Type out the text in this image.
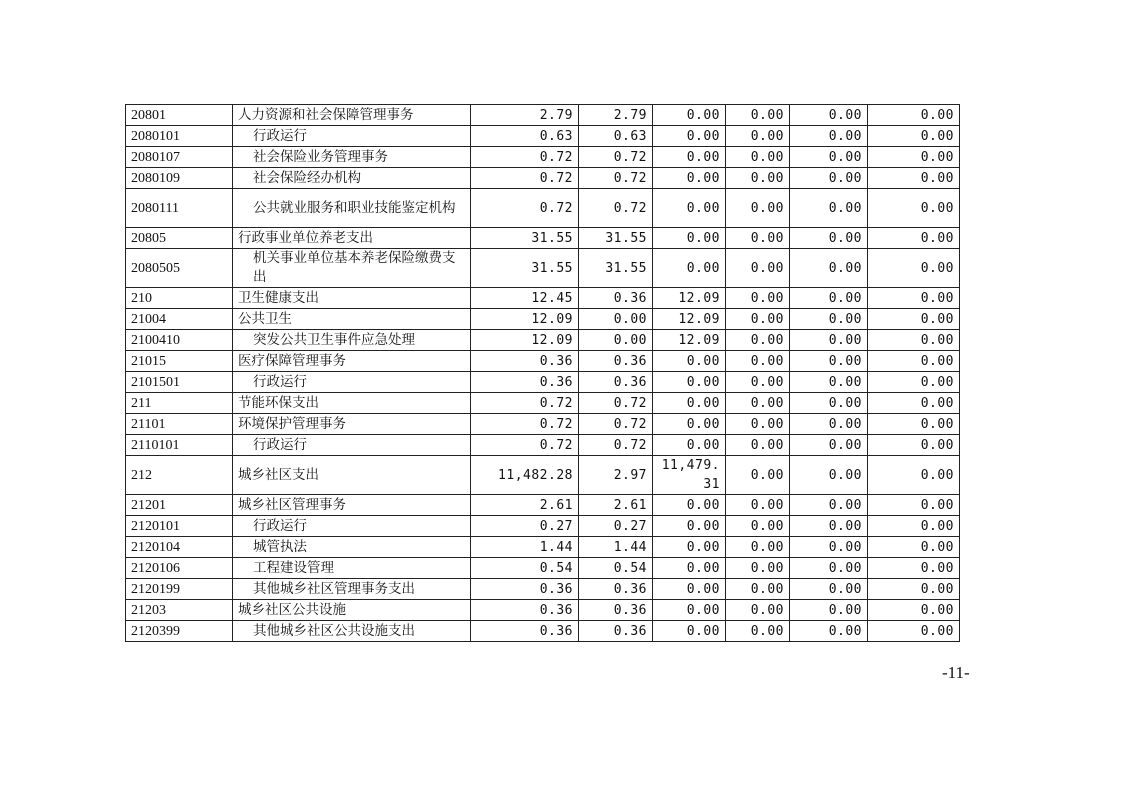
20801	人力资源和社会保障管理事务	2.79	2.79	0.00	0.00	0.00	0.00
2080101	行政运行	0.63	0.63	0.00	0.00	0.00	0.00
2080107	社会保险业务管理事务	0.72	0.72	0.00	0.00	0.00	0.00
2080109	社会保险经办机构	0.72	0.72	0.00	0.00	0.00	0.00
2080111	公共就业服务和职业技能鉴定机构	0.72	0.72	0.00	0.00	0.00	0.00
20805	行政事业单位养老支出	31.55	31.55	0.00	0.00	0.00	0.00
2080505	机关事业单位基本养老保险缴费支出	31.55	31.55	0.00	0.00	0.00	0.00
210	卫生健康支出	12.45	0.36	12.09	0.00	0.00	0.00
21004	公共卫生	12.09	0.00	12.09	0.00	0.00	0.00
2100410	突发公共卫生事件应急处理	12.09	0.00	12.09	0.00	0.00	0.00
21015	医疗保障管理事务	0.36	0.36	0.00	0.00	0.00	0.00
2101501	行政运行	0.36	0.36	0.00	0.00	0.00	0.00
211	节能环保支出	0.72	0.72	0.00	0.00	0.00	0.00
21101	环境保护管理事务	0.72	0.72	0.00	0.00	0.00	0.00
2110101	行政运行	0.72	0.72	0.00	0.00	0.00	0.00
212	城乡社区支出	11,482.28	2.97	11,479.31	0.00	0.00	0.00
21201	城乡社区管理事务	2.61	2.61	0.00	0.00	0.00	0.00
2120101	行政运行	0.27	0.27	0.00	0.00	0.00	0.00
2120104	城管执法	1.44	1.44	0.00	0.00	0.00	0.00
2120106	工程建设管理	0.54	0.54	0.00	0.00	0.00	0.00
2120199	其他城乡社区管理事务支出	0.36	0.36	0.00	0.00	0.00	0.00
21203	城乡社区公共设施	0.36	0.36	0.00	0.00	0.00	0.00
2120399	其他城乡社区公共设施支出	0.36	0.36	0.00	0.00	0.00	0.00
-11-
